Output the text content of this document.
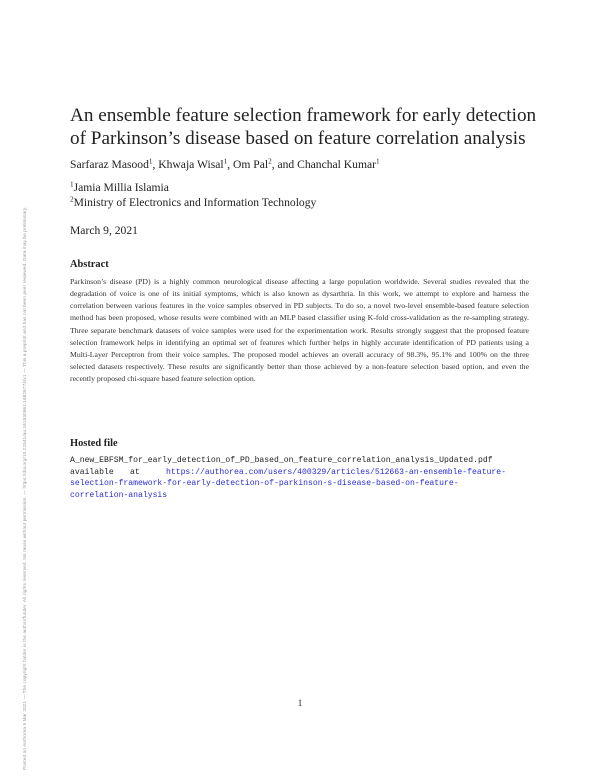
Posted on Authorea 9 Mar 2021 — The copyright holder is the author/funder. All rights reserved. No reuse without permission. — https://doi.org/10.22541/au.161530961.16826774/v1 — This a preprint and has not been peer reviewed. Data may be preliminary.
An ensemble feature selection framework for early detection of Parkinson’s disease based on feature correlation analysis
Sarfaraz Masood$^1$, Khwaja Wisal$^1$, Om Pal$^2$, and Chanchal Kumar$^1$
$^1$Jamia Millia Islamia
$^2$Ministry of Electronics and Information Technology
March 9, 2021
Abstract

Parkinson’s disease (PD) is a highly common neurological disease affecting a large population worldwide. Several studies revealed that the degradation of voice is one of its initial symptoms, which is also known as dysarthria. In this work, we attempt to explore and harness the correlation between various features in the voice samples observed in PD subjects. To do so, a novel two-level ensemble-based feature selection method has been proposed, whose results were combined with an MLP based classifier using K-fold cross-validation as the re-sampling strategy. Three separate benchmark datasets of voice samples were used for the experimentation work. Results strongly suggest that the proposed feature selection framework helps in identifying an optimal set of features which further helps in highly accurate identification of PD patients using a Multi-Layer Perceptron from their voice samples. The proposed model achieves an overall accuracy of 98.3%, 95.1% and 100% on the three selected datasets respectively. These results are significantly better than those achieved by a non-feature selection based option, and even the recently proposed chi-square based feature selection option.

Hosted file
A_new_EBFSM_for_early_detection_of_PD_based_on_feature_correlation_analysis_Updated.pdf
available	at	https://authorea.com/users/400329/articles/512663-an-ensemble-feature-
selection-framework-for-early-detection-of-parkinson-s-disease-based-on-feature-
correlation-analysis
1
